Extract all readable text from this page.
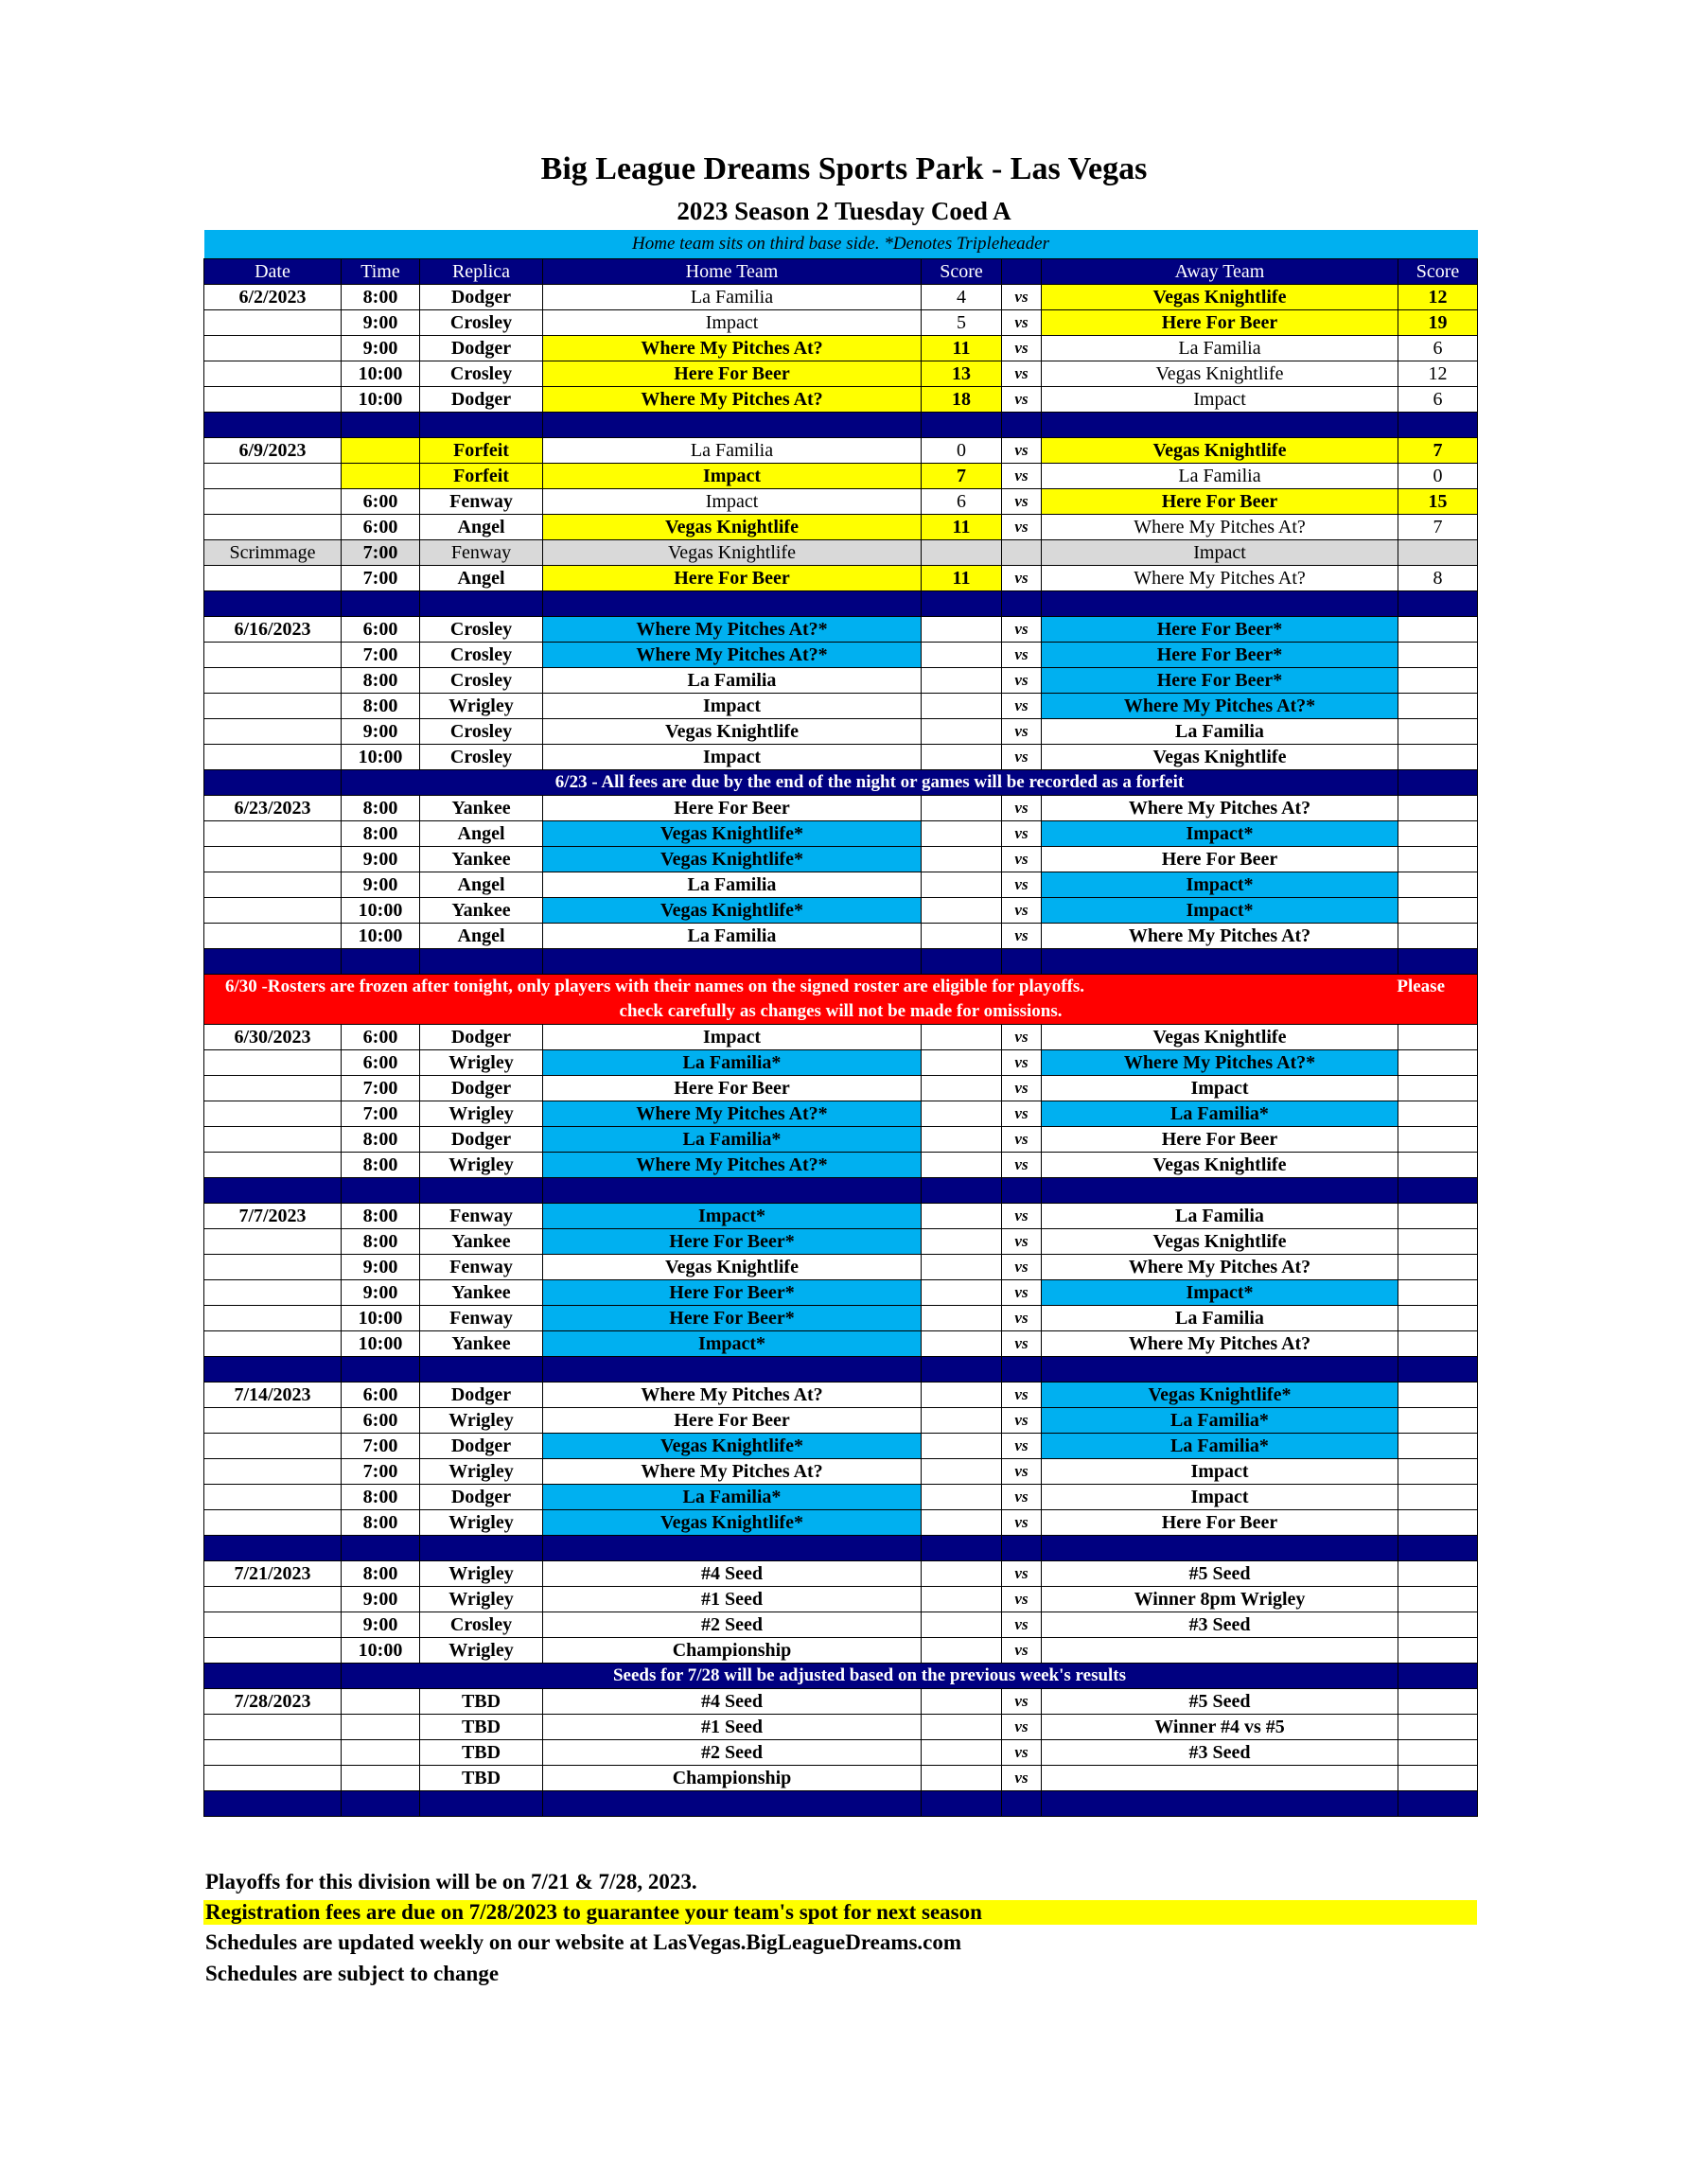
Big League Dreams Sports Park - Las Vegas
2023 Season 2 Tuesday Coed A
Home team sits on third base side. *Denotes Tripleheader							
Date	Time	Replica	Home Team	Score		Away Team	Score
6/2/2023	8:00	Dodger	La Familia	4	vs	Vegas Knightlife	12
	9:00	Crosley	Impact	5	vs	Here For Beer	19
	9:00	Dodger	Where My Pitches At?	11	vs	La Familia	6
	10:00	Crosley	Here For Beer	13	vs	Vegas Knightlife	12
	10:00	Dodger	Where My Pitches At?	18	vs	Impact	6

6/9/2023		Forfeit	La Familia	0	vs	Vegas Knightlife	7
		Forfeit	Impact	7	vs	La Familia	0
	6:00	Fenway	Impact	6	vs	Here For Beer	15
	6:00	Angel	Vegas Knightlife	11	vs	Where My Pitches At?	7
Scrimmage	7:00	Fenway	Vegas Knightlife			Impact	
	7:00	Angel	Here For Beer	11	vs	Where My Pitches At?	8

6/16/2023	6:00	Crosley	Where My Pitches At?*		vs	Here For Beer*	
	7:00	Crosley	Where My Pitches At?*		vs	Here For Beer*	
	8:00	Crosley	La Familia		vs	Here For Beer*	
	8:00	Wrigley	Impact		vs	Where My Pitches At?*	
	9:00	Crosley	Vegas Knightlife		vs	La Familia	
	10:00	Crosley	Impact		vs	Vegas Knightlife	
	6/23 - All fees are due by the end of the night or games will be recorded as a forfeit						
6/23/2023	8:00	Yankee	Here For Beer		vs	Where My Pitches At?	
	8:00	Angel	Vegas Knightlife*		vs	Impact*	
	9:00	Yankee	Vegas Knightlife*		vs	Here For Beer	
	9:00	Angel	La Familia		vs	Impact*	
	10:00	Yankee	Vegas Knightlife*		vs	Impact*	
	10:00	Angel	La Familia		vs	Where My Pitches At?	

6/30 -Rosters are frozen after tonight, only players with their names on the signed roster are eligible for playoffs. Please
check carefully as changes will not be made for omissions.							

6/30/2023	6:00	Dodger	Impact		vs	Vegas Knightlife	
	6:00	Wrigley	La Familia*		vs	Where My Pitches At?*	
	7:00	Dodger	Here For Beer		vs	Impact	
	7:00	Wrigley	Where My Pitches At?*		vs	La Familia*	
	8:00	Dodger	La Familia*		vs	Here For Beer	
	8:00	Wrigley	Where My Pitches At?*		vs	Vegas Knightlife	

7/7/2023	8:00	Fenway	Impact*		vs	La Familia	
	8:00	Yankee	Here For Beer*		vs	Vegas Knightlife	
	9:00	Fenway	Vegas Knightlife		vs	Where My Pitches At?	
	9:00	Yankee	Here For Beer*		vs	Impact*	
	10:00	Fenway	Here For Beer*		vs	La Familia	
	10:00	Yankee	Impact*		vs	Where My Pitches At?	

7/14/2023	6:00	Dodger	Where My Pitches At?		vs	Vegas Knightlife*	
	6:00	Wrigley	Here For Beer		vs	La Familia*	
	7:00	Dodger	Vegas Knightlife*		vs	La Familia*	
	7:00	Wrigley	Where My Pitches At?		vs	Impact	
	8:00	Dodger	La Familia*		vs	Impact	
	8:00	Wrigley	Vegas Knightlife*		vs	Here For Beer	

7/21/2023	8:00	Wrigley	#4 Seed		vs	#5 Seed	
	9:00	Wrigley	#1 Seed		vs	Winner 8pm Wrigley	
	9:00	Crosley	#2 Seed		vs	#3 Seed	
	10:00	Wrigley	Championship		vs		
	Seeds for 7/28 will be adjusted based on the previous week's results						
7/28/2023		TBD	#4 Seed		vs	#5 Seed	
		TBD	#1 Seed		vs	Winner #4 vs #5	
		TBD	#2 Seed		vs	#3 Seed	
		TBD	Championship		vs		

Playoffs for this division will be on 7/21 & 7/28, 2023.
Registration fees are due on 7/28/2023 to guarantee your team's spot for next season
Schedules are updated weekly on our website at LasVegas.BigLeagueDreams.com
Schedules are subject to change
